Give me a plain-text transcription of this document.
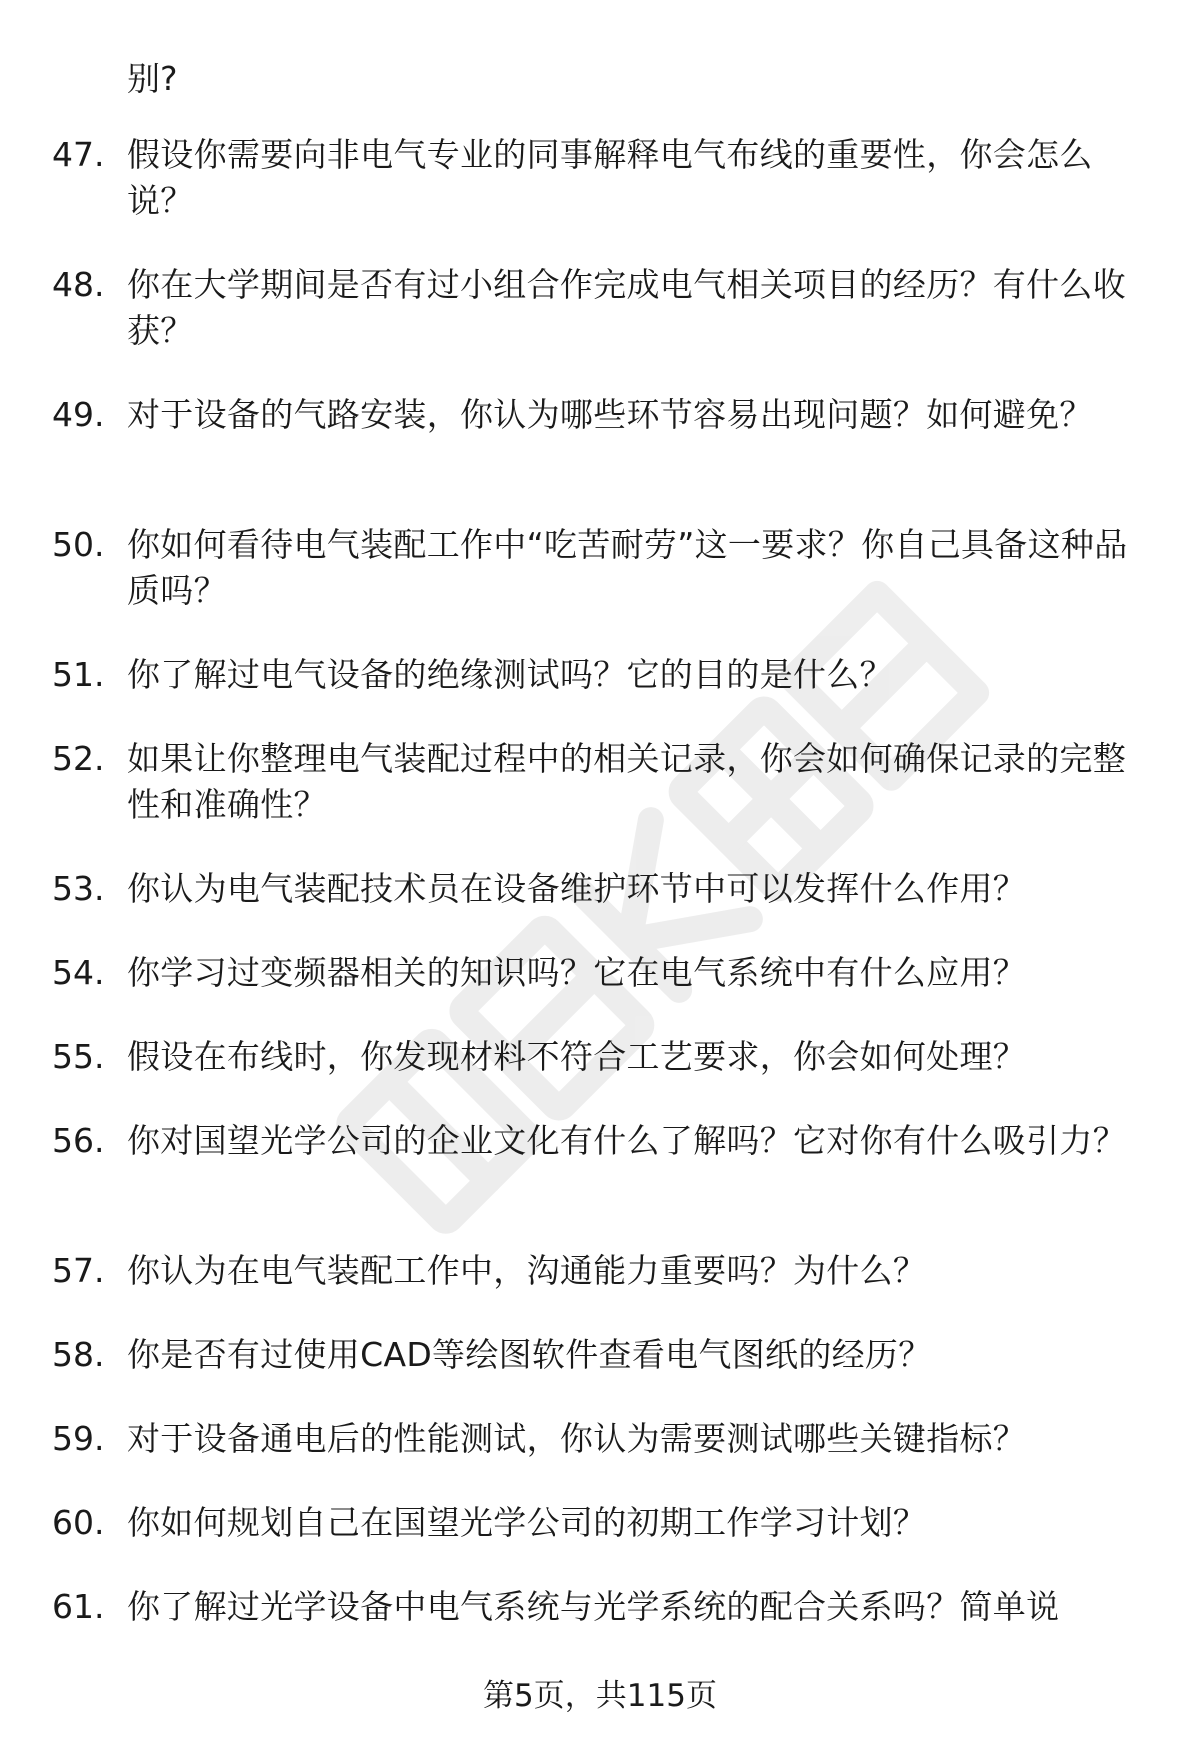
别?
47. 假设你需要向非电气专业的同事解释电气布线的重要性，你会怎么说？
48. 你在大学期间是否有过小组合作完成电气相关项目的经历？有什么收获？
49. 对于设备的气路安装，你认为哪些环节容易出现问题？如何避免？
50. 你如何看待电气装配工作中“吃苦耐劳”这一要求？你自己具备这种品质吗？
51. 你了解过电气设备的绝缘测试吗？它的目的是什么？
52. 如果让你整理电气装配过程中的相关记录，你会如何确保记录的完整性和准确性？
53. 你认为电气装配技术员在设备维护环节中可以发挥什么作用？
54. 你学习过变频器相关的知识吗？它在电气系统中有什么应用？
55. 假设在布线时，你发现材料不符合工艺要求，你会如何处理？
56. 你对国望光学公司的企业文化有什么了解吗？它对你有什么吸引力？
57. 你认为在电气装配工作中，沟通能力重要吗？为什么？
58. 你是否有过使用CAD等绘图软件查看电气图纸的经历？
59. 对于设备通电后的性能测试，你认为需要测试哪些关键指标？
60. 你如何规划自己在国望光学公司的初期工作学习计划？
61. 你了解过光学设备中电气系统与光学系统的配合关系吗？简单说
第5页，共115页
